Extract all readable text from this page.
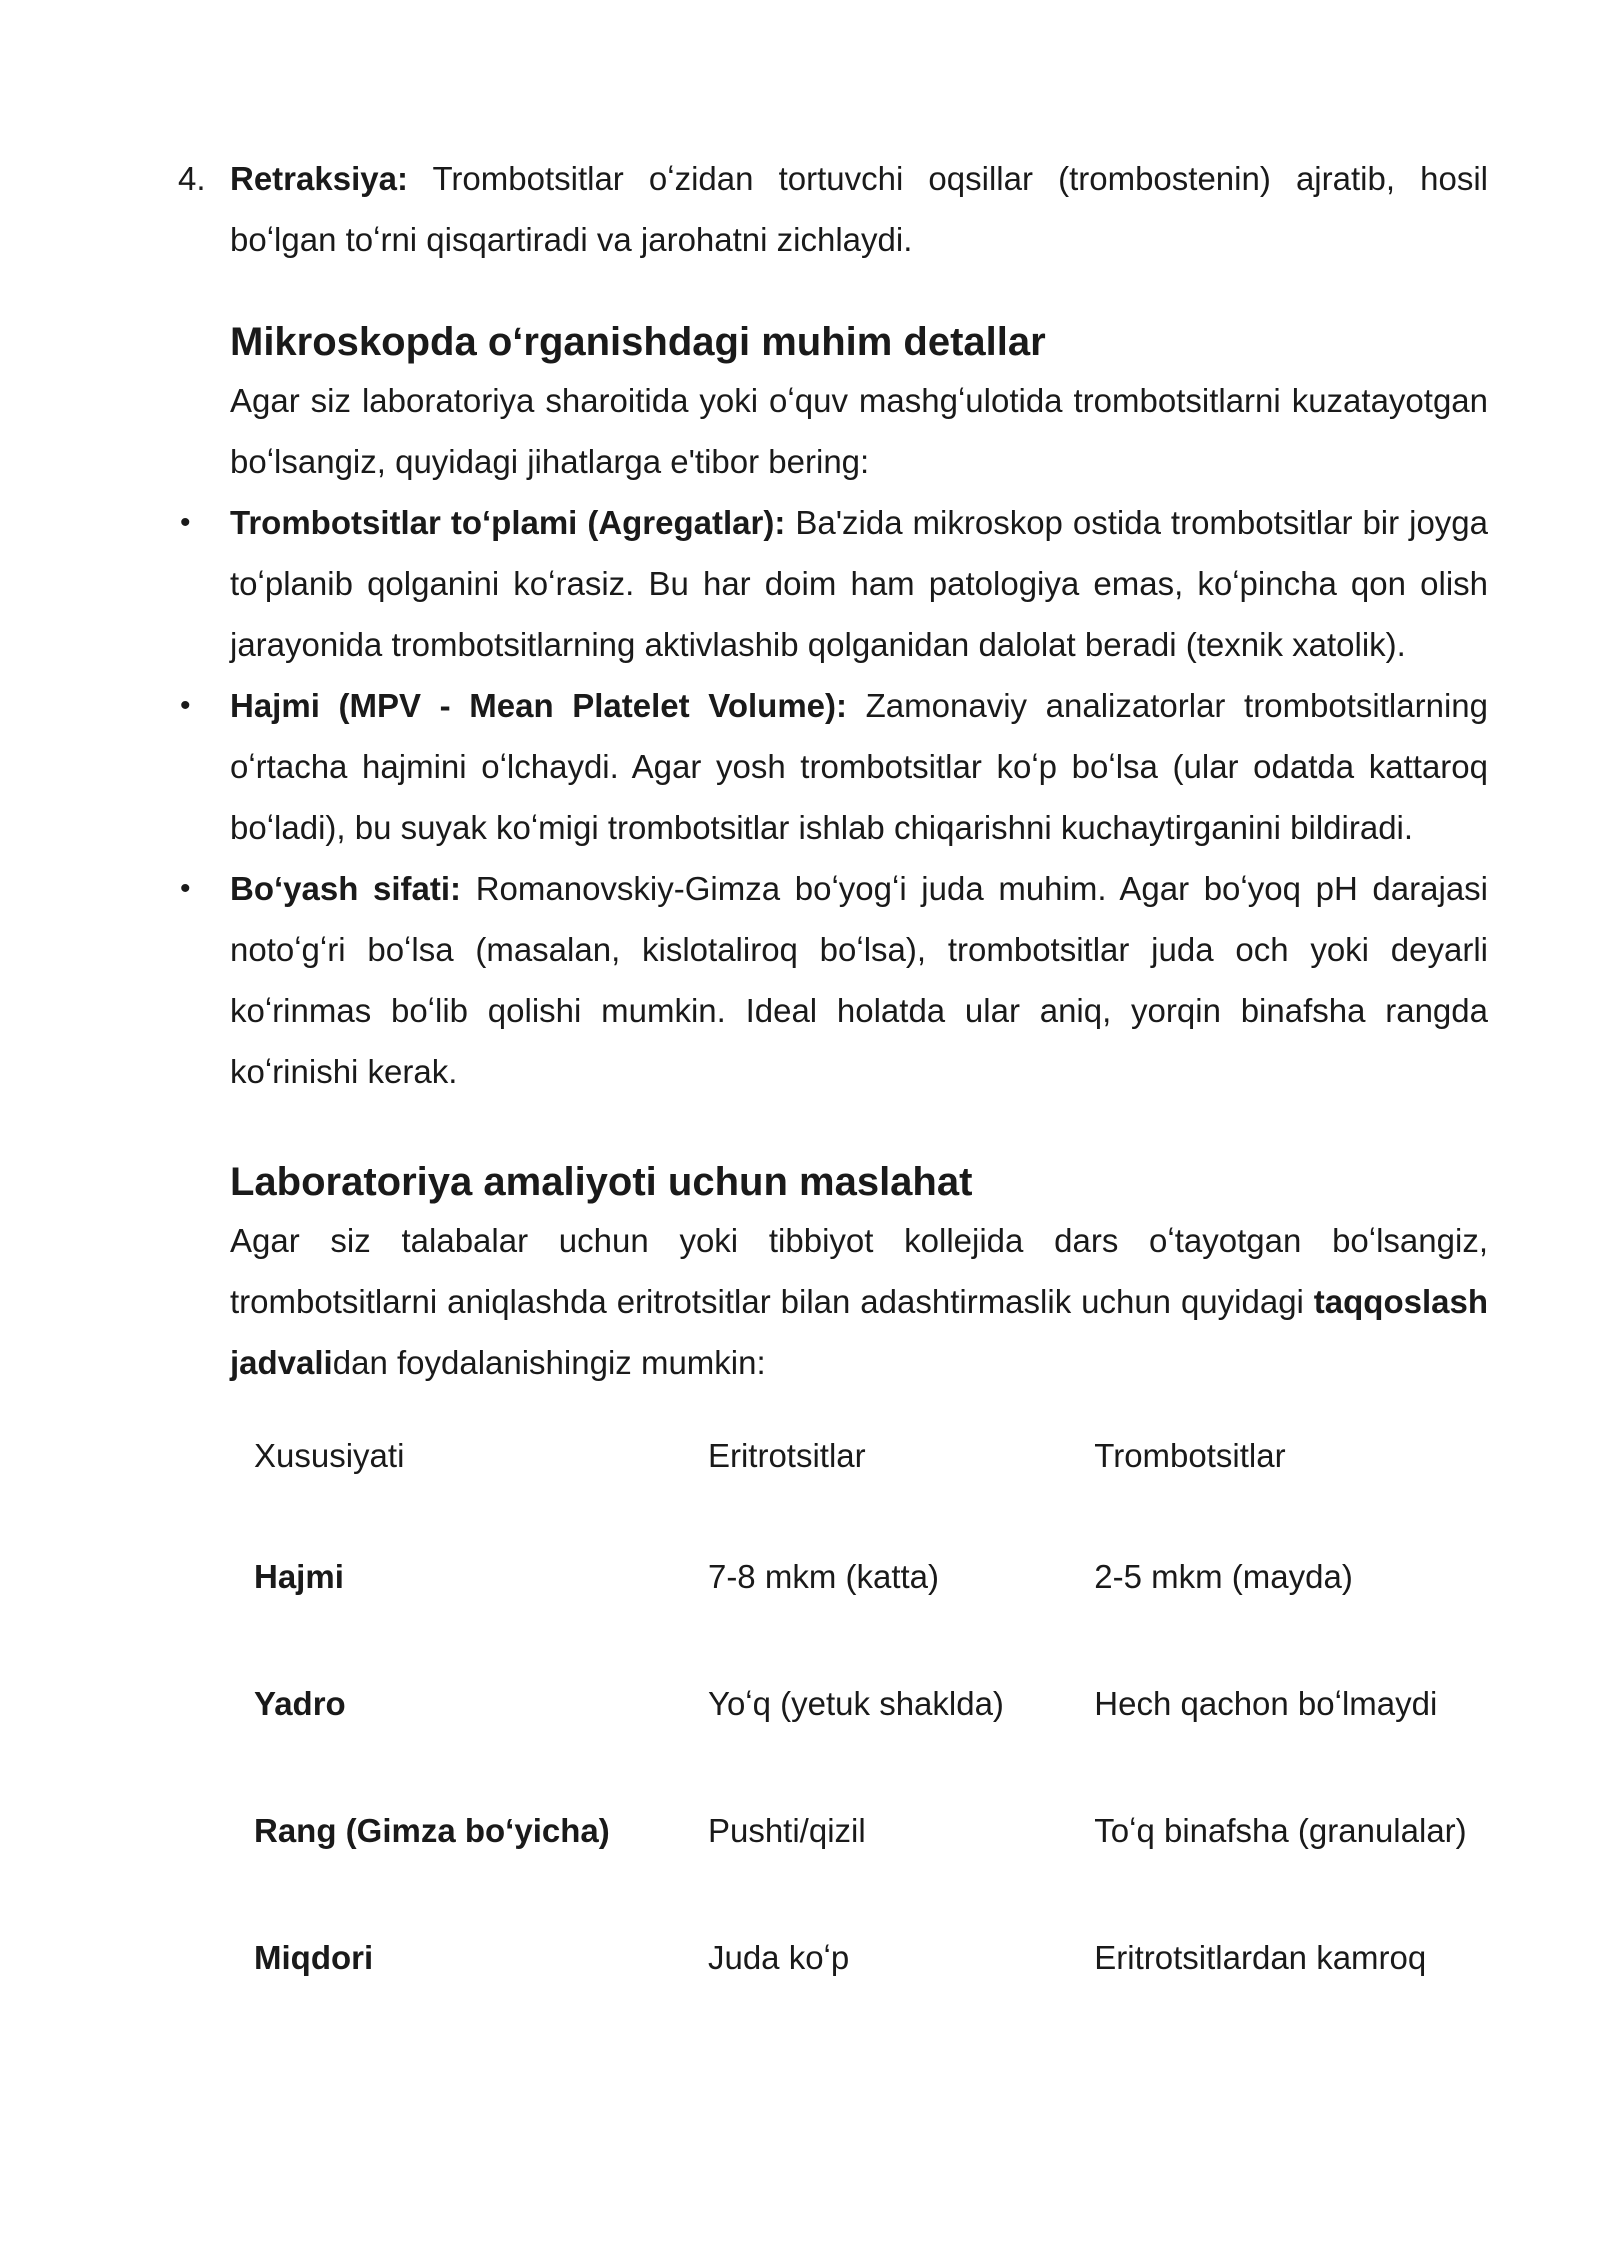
4. Retraksiya: Trombotsitlar oʻzidan tortuvchi oqsillar (trombostenin) ajratib, hosil boʻlgan toʻrni qisqartiradi va jarohatni zichlaydi.

Mikroskopda oʻrganishdagi muhim detallar

Agar siz laboratoriya sharoitida yoki oʻquv mashgʻulotida trombotsitlarni kuzatayotgan boʻlsangiz, quyidagi jihatlarga e'tibor bering:

• Trombotsitlar toʻplami (Agregatlar): Ba'zida mikroskop ostida trombotsitlar bir joyga toʻplanib qolganini koʻrasiz. Bu har doim ham patologiya emas, koʻpincha qon olish jarayonida trombotsitlarning aktivlashib qolganidan dalolat beradi (texnik xatolik).

• Hajmi (MPV - Mean Platelet Volume): Zamonaviy analizatorlar trombotsitlarning oʻrtacha hajmini oʻlchaydi. Agar yosh trombotsitlar koʻp boʻlsa (ular odatda kattaroq boʻladi), bu suyak koʻmigi trombotsitlar ishlab chiqarishni kuchaytirganini bildiradi.

• Boʻyash sifati: Romanovskiy-Gimza boʻyogʻi juda muhim. Agar boʻyoq pH darajasi notoʻgʻri boʻlsa (masalan, kislotaliroq boʻlsa), trombotsitlar juda och yoki deyarli koʻrinmas boʻlib qolishi mumkin. Ideal holatda ular aniq, yorqin binafsha rangda koʻrinishi kerak.

Laboratoriya amaliyoti uchun maslahat

Agar siz talabalar uchun yoki tibbiyot kollejida dars oʻtayotgan boʻlsangiz, trombotsitlarni aniqlashda eritrotsitlar bilan adashtirmaslik uchun quyidagi taqqoslash jadvalidan foydalanishingiz mumkin:

Xususiyati	Eritrotsitlar	Trombotsitlar
Hajmi	7-8 mkm (katta)	2-5 mkm (mayda)
Yadro	Yoʻq (yetuk shaklda)	Hech qachon boʻlmaydi
Rang (Gimza boʻyicha)	Pushti/qizil	Toʻq binafsha (granulalar)
Miqdori	Juda koʻp	Eritrotsitlardan kamroq
